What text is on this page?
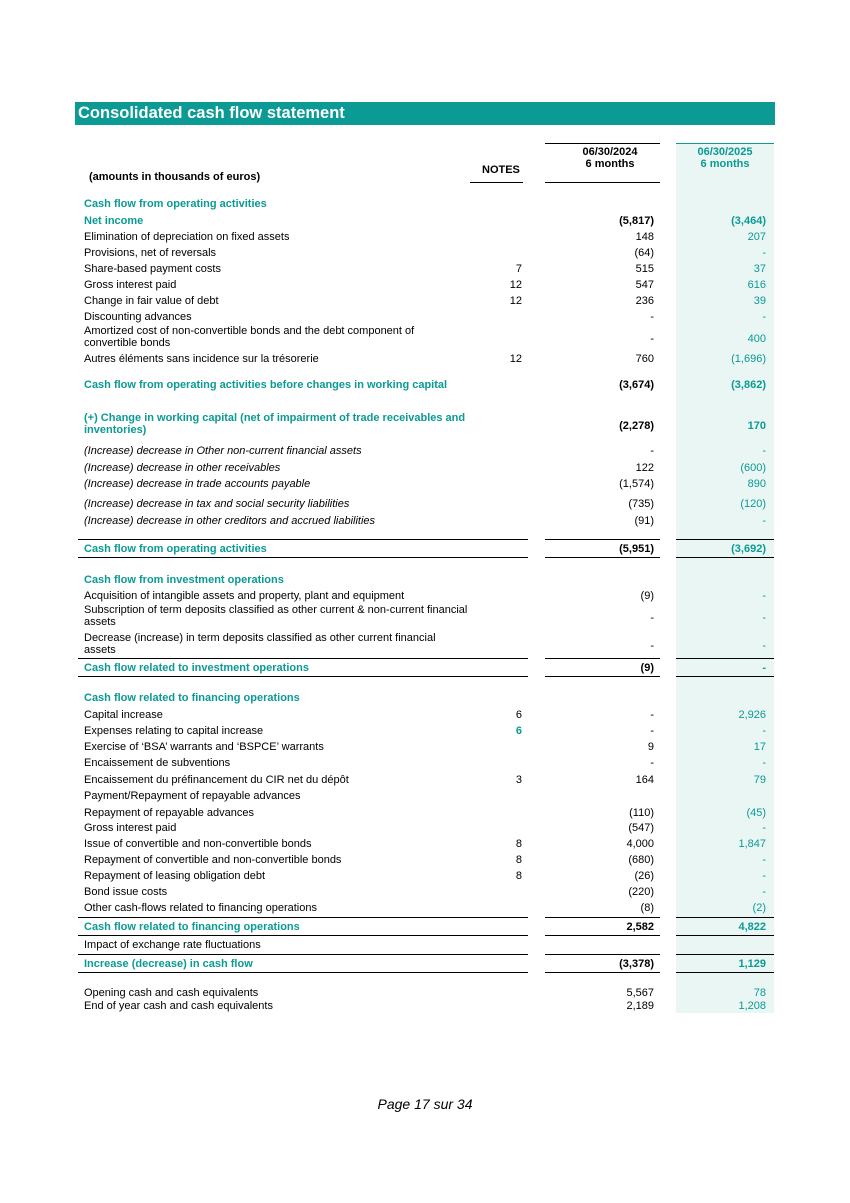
Consolidated cash flow statement
06/30/2024
6 months
06/30/2025
6 months
NOTES
(amounts in thousands of euros)
Cash flow from operating activities
Net income	(5,817)	(3,464)
Elimination of depreciation on fixed assets	148	207
Provisions, net of reversals	(64)	-
Share-based payment costs	7	515	37
Gross interest paid	12	547	616
Change in fair value of debt	12	236	39
Discounting advances	-	-
Amortized cost of non-convertible bonds and the debt component of convertible bonds	-	400
Autres éléments sans incidence sur la trésorerie	12	760	(1,696)
Cash flow from operating activities before changes in working capital	(3,674)	(3,862)
(+) Change in working capital (net of impairment of trade receivables and inventories)	(2,278)	170
(Increase) decrease in Other non-current financial assets	-	-
(Increase) decrease in other receivables	122	(600)
(Increase) decrease in trade accounts payable	(1,574)	890
(Increase) decrease in tax and social security liabilities	(735)	(120)
(Increase) decrease in other creditors and accrued liabilities	(91)	-
Cash flow from operating activities	(5,951)	(3,692)
Cash flow from investment operations
Acquisition of intangible assets and property, plant and equipment	(9)	-
Subscription of term deposits classified as other current & non-current financial assets	-	-
Decrease (increase) in term deposits classified as other current financial assets	-	-
Cash flow related to investment operations	(9)	-
Cash flow related to financing operations
Capital increase	6	-	2,926
Expenses relating to capital increase	6	-	-
Exercise of ‘BSA’ warrants and ‘BSPCE’ warrants	9	17
Encaissement de subventions	-	-
Encaissement du préfinancement du CIR net du dépôt	3	164	79
Payment/Repayment of repayable advances
Repayment of repayable advances	(110)	(45)
Gross interest paid	(547)	-
Issue of convertible and non-convertible bonds	8	4,000	1,847
Repayment of convertible and non-convertible bonds	8	(680)	-
Repayment of leasing obligation debt	8	(26)	-
Bond issue costs	(220)	-
Other cash-flows related to financing operations	(8)	(2)
Cash flow related to financing operations	2,582	4,822
Impact of exchange rate fluctuations
Increase (decrease) in cash flow	(3,378)	1,129
Opening cash and cash equivalents	5,567	78
End of year cash and cash equivalents	2,189	1,208
Page 17 sur 34
